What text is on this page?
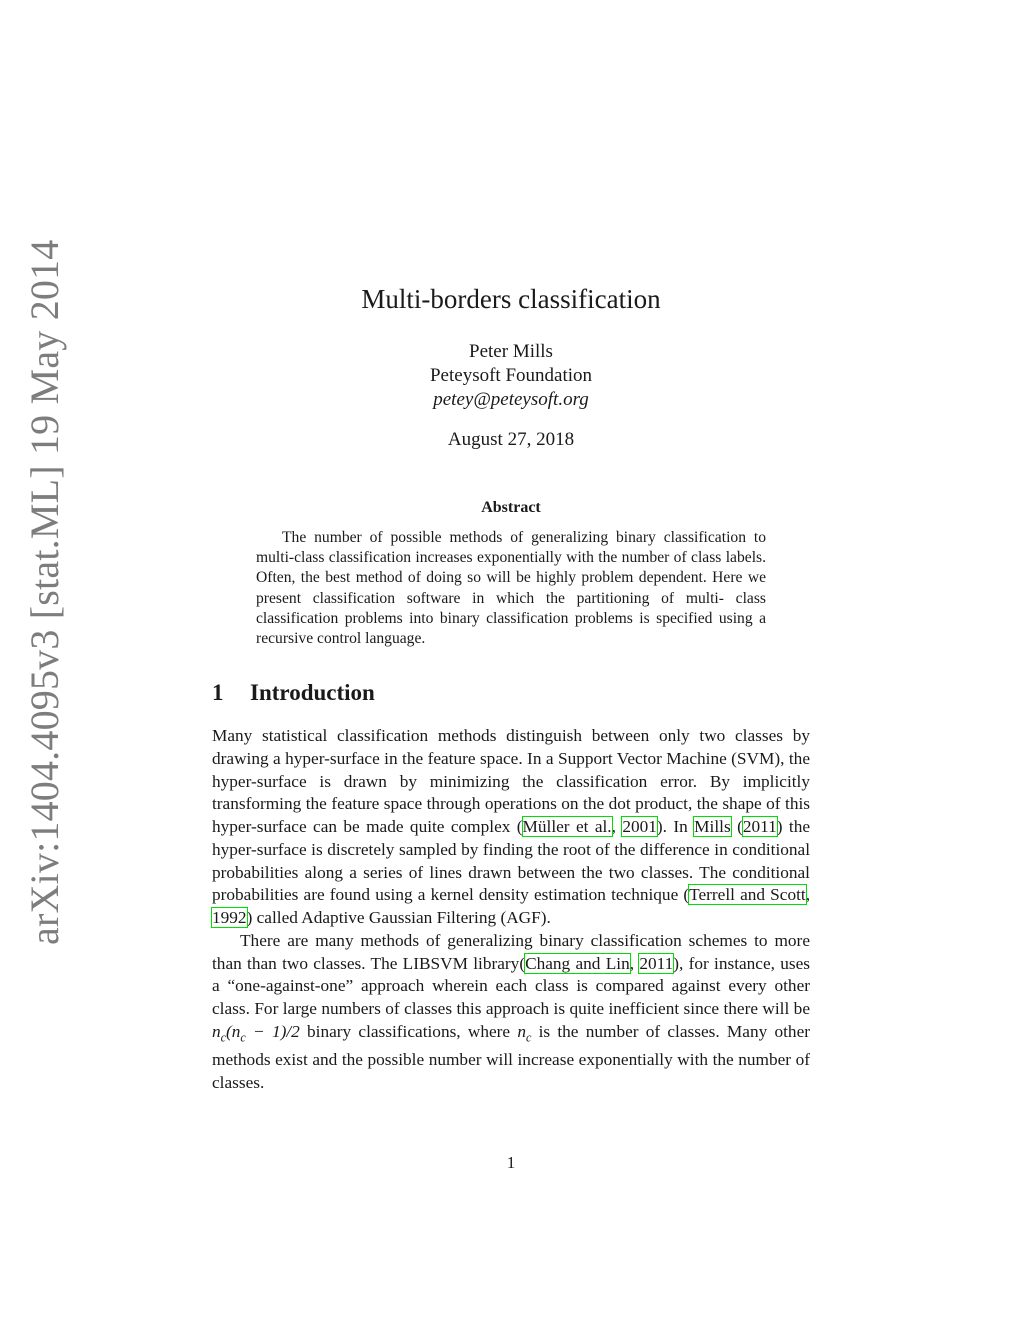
arXiv:1404.4095v3 [stat.ML] 19 May 2014	Multi-borders classification
Peter Mills
Peteysoft Foundation
petey@peteysoft.org
August 27, 2018
Abstract
The number of possible methods of generalizing binary classification to multi-class classification increases exponentially with the number of class labels. Often, the best method of doing so will be highly problem dependent. Here we present classification software in which the partitioning of multi- class classification problems into binary classification problems is specified using a recursive control language.
1 Introduction

Many statistical classification methods distinguish between only two classes by drawing a hyper-surface in the feature space. In a Support Vector Machine (SVM), the hyper-surface is drawn by minimizing the classification error. By implicitly transforming the feature space through operations on the dot product, the shape of this hyper-surface can be made quite complex (Müller et al., 2001). In Mills (2011) the hyper-surface is discretely sampled by finding the root of the difference in conditional probabilities along a series of lines drawn between the two classes. The conditional probabilities are found using a kernel density estimation technique (Terrell and Scott, 1992) called Adaptive Gaussian Filtering (AGF).

There are many methods of generalizing binary classification schemes to more than than two classes. The LIBSVM library(Chang and Lin, 2011), for instance, uses a “one-against-one” approach wherein each class is compared against every other class. For large numbers of classes this approach is quite inefficient since there will be $n_c(n_c - 1)/2$ binary classifications, where $n_c$ is the number of classes. Many other methods exist and the possible number will increase exponentially with the number of classes.

1
